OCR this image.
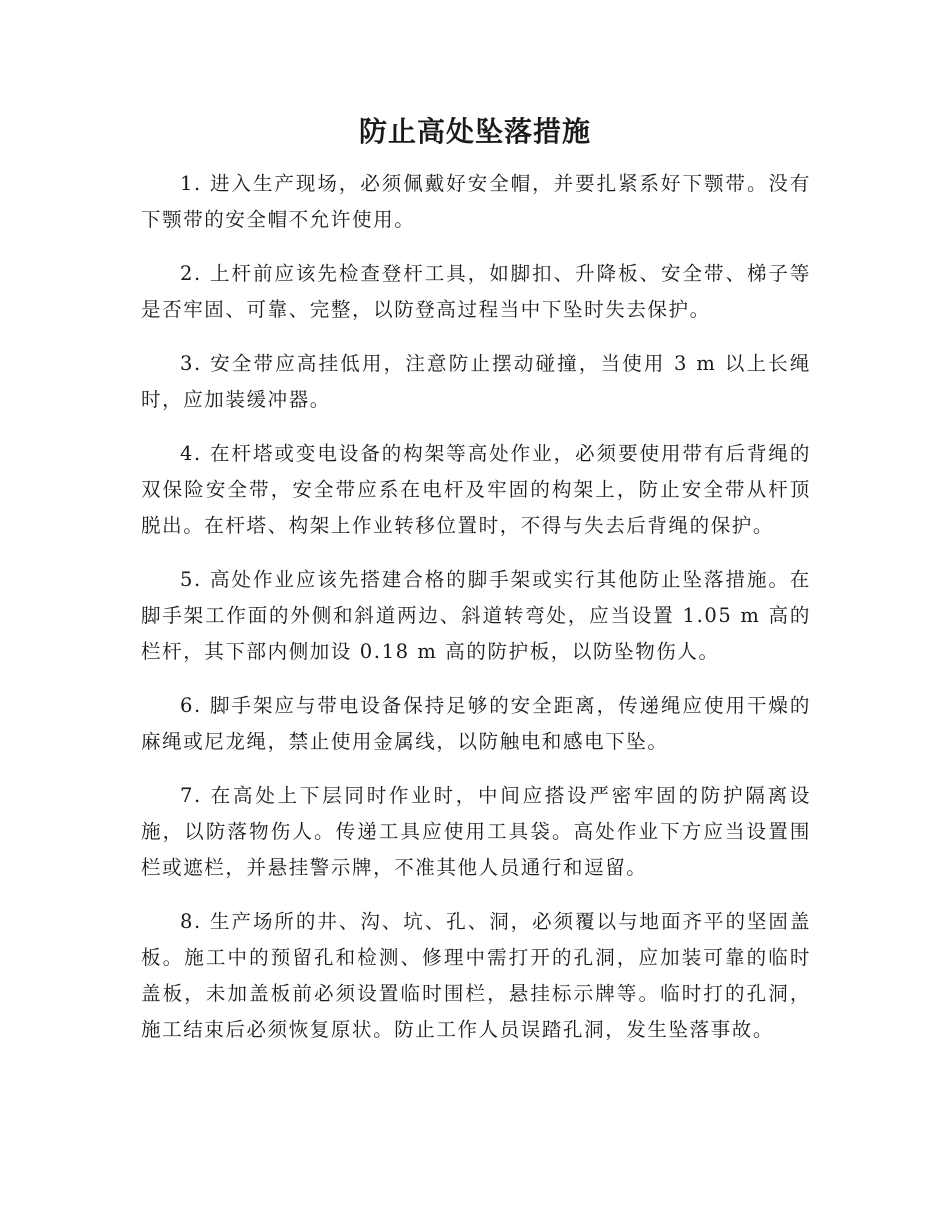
防止高处坠落措施

1. 进入生产现场，必须佩戴好安全帽，并要扎紧系好下颚带。没有下颚带的安全帽不允许使用。

2. 上杆前应该先检查登杆工具，如脚扣、升降板、安全带、梯子等是否牢固、可靠、完整，以防登高过程当中下坠时失去保护。

3. 安全带应高挂低用，注意防止摆动碰撞，当使用 3 m 以上长绳时，应加装缓冲器。

4. 在杆塔或变电设备的构架等高处作业，必须要使用带有后背绳的双保险安全带，安全带应系在电杆及牢固的构架上，防止安全带从杆顶脱出。在杆塔、构架上作业转移位置时，不得与失去后背绳的保护。

5. 高处作业应该先搭建合格的脚手架或实行其他防止坠落措施。在脚手架工作面的外侧和斜道两边、斜道转弯处，应当设置 1.05 m 高的栏杆，其下部内侧加设 0.18 m 高的防护板，以防坠物伤人。

6. 脚手架应与带电设备保持足够的安全距离，传递绳应使用干燥的麻绳或尼龙绳，禁止使用金属线，以防触电和感电下坠。

7. 在高处上下层同时作业时，中间应搭设严密牢固的防护隔离设施，以防落物伤人。传递工具应使用工具袋。高处作业下方应当设置围栏或遮栏，并悬挂警示牌，不准其他人员通行和逗留。

8. 生产场所的井、沟、坑、孔、洞，必须覆以与地面齐平的坚固盖板。施工中的预留孔和检测、修理中需打开的孔洞，应加装可靠的临时盖板，未加盖板前必须设置临时围栏，悬挂标示牌等。临时打的孔洞，施工结束后必须恢复原状。防止工作人员误踏孔洞，发生坠落事故。
